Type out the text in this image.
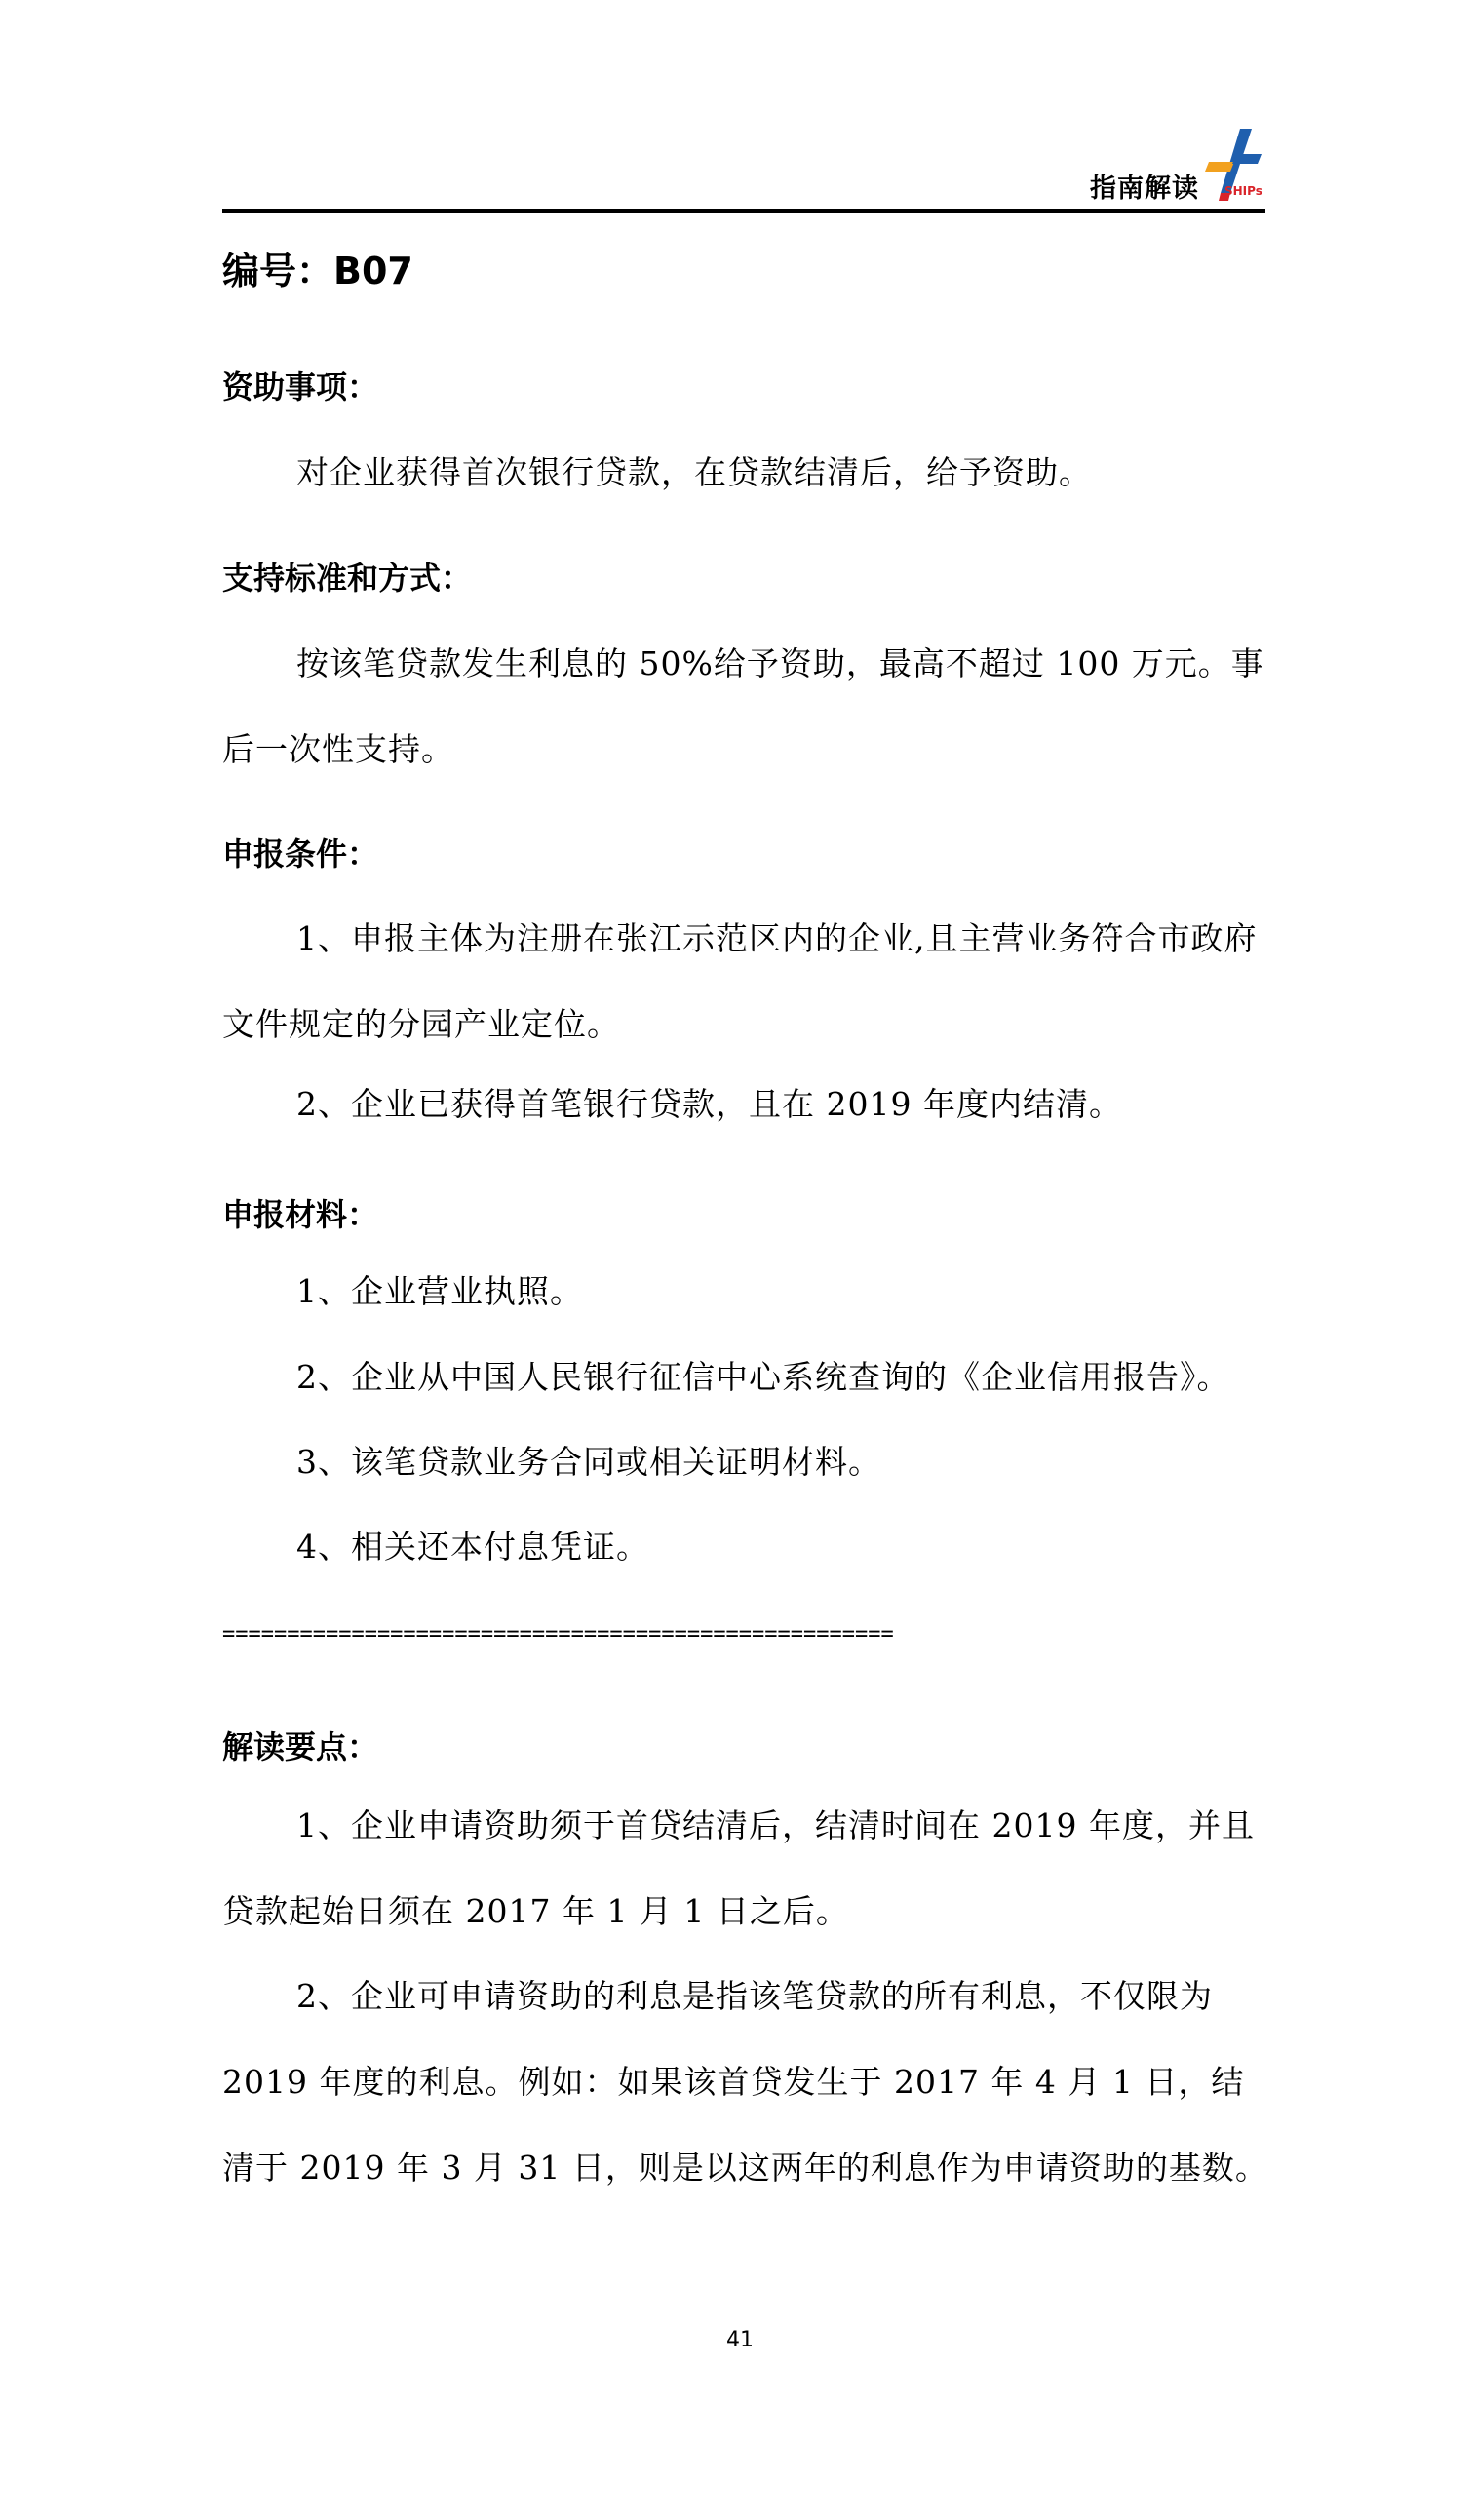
指南解读 SHIPs
编号：B07
资助事项：

对企业获得首次银行贷款，在贷款结清后，给予资助。

支持标准和方式：

按该笔贷款发生利息的 50%给予资助，最高不超过 100 万元。事后一次性支持。

申报条件：

1、申报主体为注册在张江示范区内的企业,且主营业务符合市政府文件规定的分园产业定位。

2、企业已获得首笔银行贷款，且在 2019 年度内结清。
申报材料：
1、企业营业执照。
2、企业从中国人民银行征信中心系统查询的《企业信用报告》。
3、该笔贷款业务合同或相关证明材料。
4、相关还本付息凭证。
====================================================
解读要点：

1、企业申请资助须于首贷结清后，结清时间在 2019 年度，并且贷款起始日须在 2017 年 1 月 1 日之后。

2、企业可申请资助的利息是指该笔贷款的所有利息，不仅限为 2019 年度的利息。例如：如果该首贷发生于 2017 年 4 月 1 日，结清于 2019 年 3 月 31 日，则是以这两年的利息作为申请资助的基数。

41
